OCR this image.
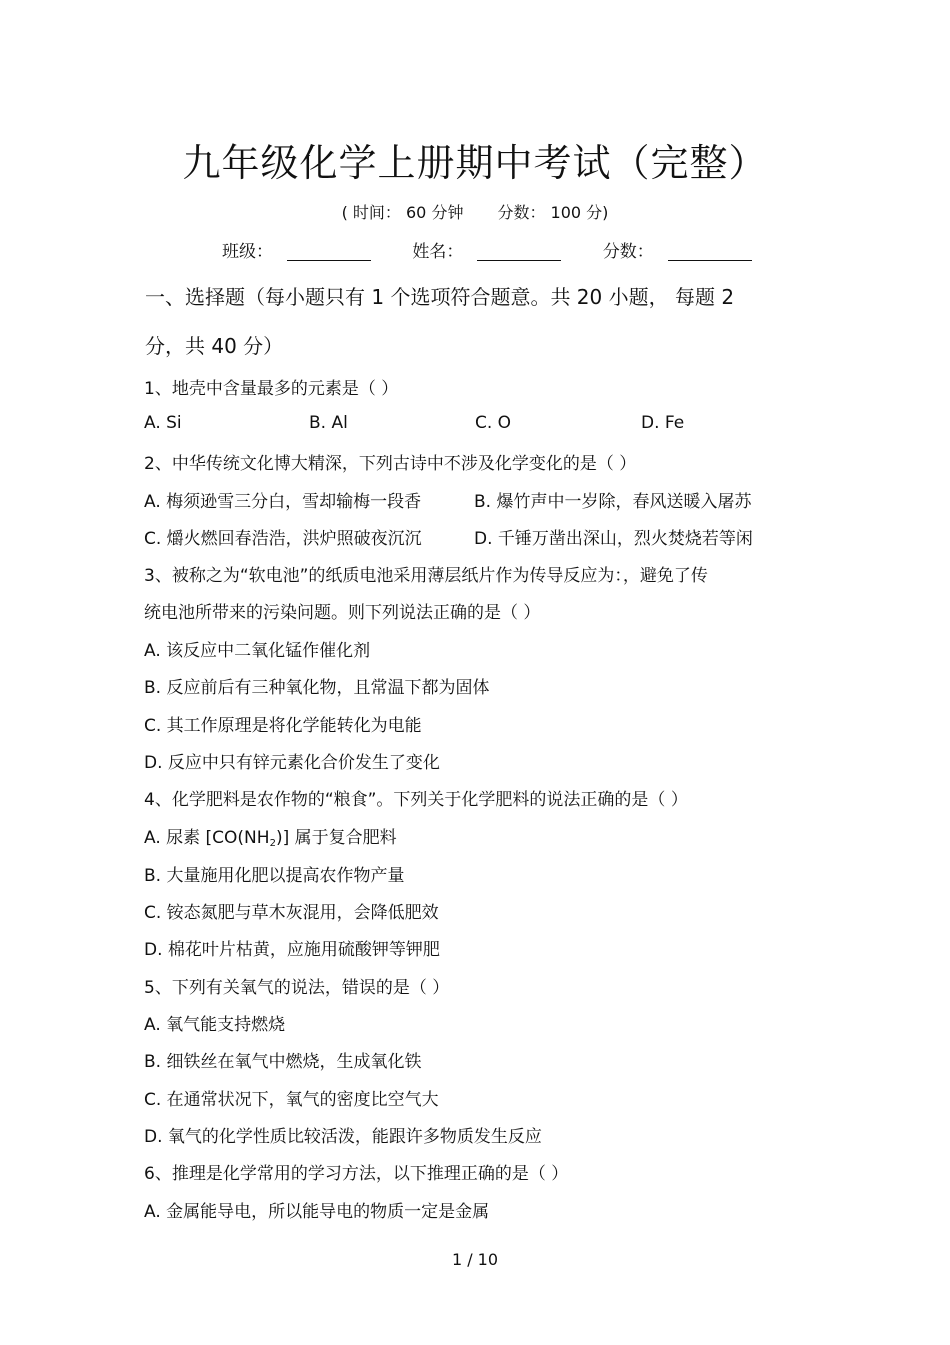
九年级化学上册期中考试（完整）
( 时间： 60 分钟 分数： 100 分)
班级：	姓名：	分数：
一、选择题（每小题只有 1 个选项符合题意。共 20 小题， 每题 2
分，共 40 分）
1、地壳中含量最多的元素是（ ）
A. Si	B. Al	C. O	D. Fe
2、中华传统文化博大精深，下列古诗中不涉及化学变化的是（ ）
A. 梅须逊雪三分白，雪却输梅一段香	B. 爆竹声中一岁除，春风送暖入屠苏
C. 爝火燃回春浩浩，洪炉照破夜沉沉	D. 千锤万凿出深山，烈火焚烧若等闲
3、被称之为“软电池”的纸质电池采用薄层纸片作为传导反应为：，避免了传
统电池所带来的污染问题。则下列说法正确的是（ ）
A. 该反应中二氧化锰作催化剂
B. 反应前后有三种氧化物，且常温下都为固体
C. 其工作原理是将化学能转化为电能
D. 反应中只有锌元素化合价发生了变化
4、化学肥料是农作物的“粮食”。下列关于化学肥料的说法正确的是（ ）
A. 尿素 $[CO(NH_2)]$ 属于复合肥料
B. 大量施用化肥以提高农作物产量
C. 铵态氮肥与草木灰混用，会降低肥效
D. 棉花叶片枯黄，应施用硫酸钾等钾肥
5、下列有关氧气的说法，错误的是（ ）
A. 氧气能支持燃烧
B. 细铁丝在氧气中燃烧，生成氧化铁
C. 在通常状况下，氧气的密度比空气大
D. 氧气的化学性质比较活泼，能跟许多物质发生反应
6、推理是化学常用的学习方法，以下推理正确的是（ ）
A. 金属能导电，所以能导电的物质一定是金属
1 / 10
